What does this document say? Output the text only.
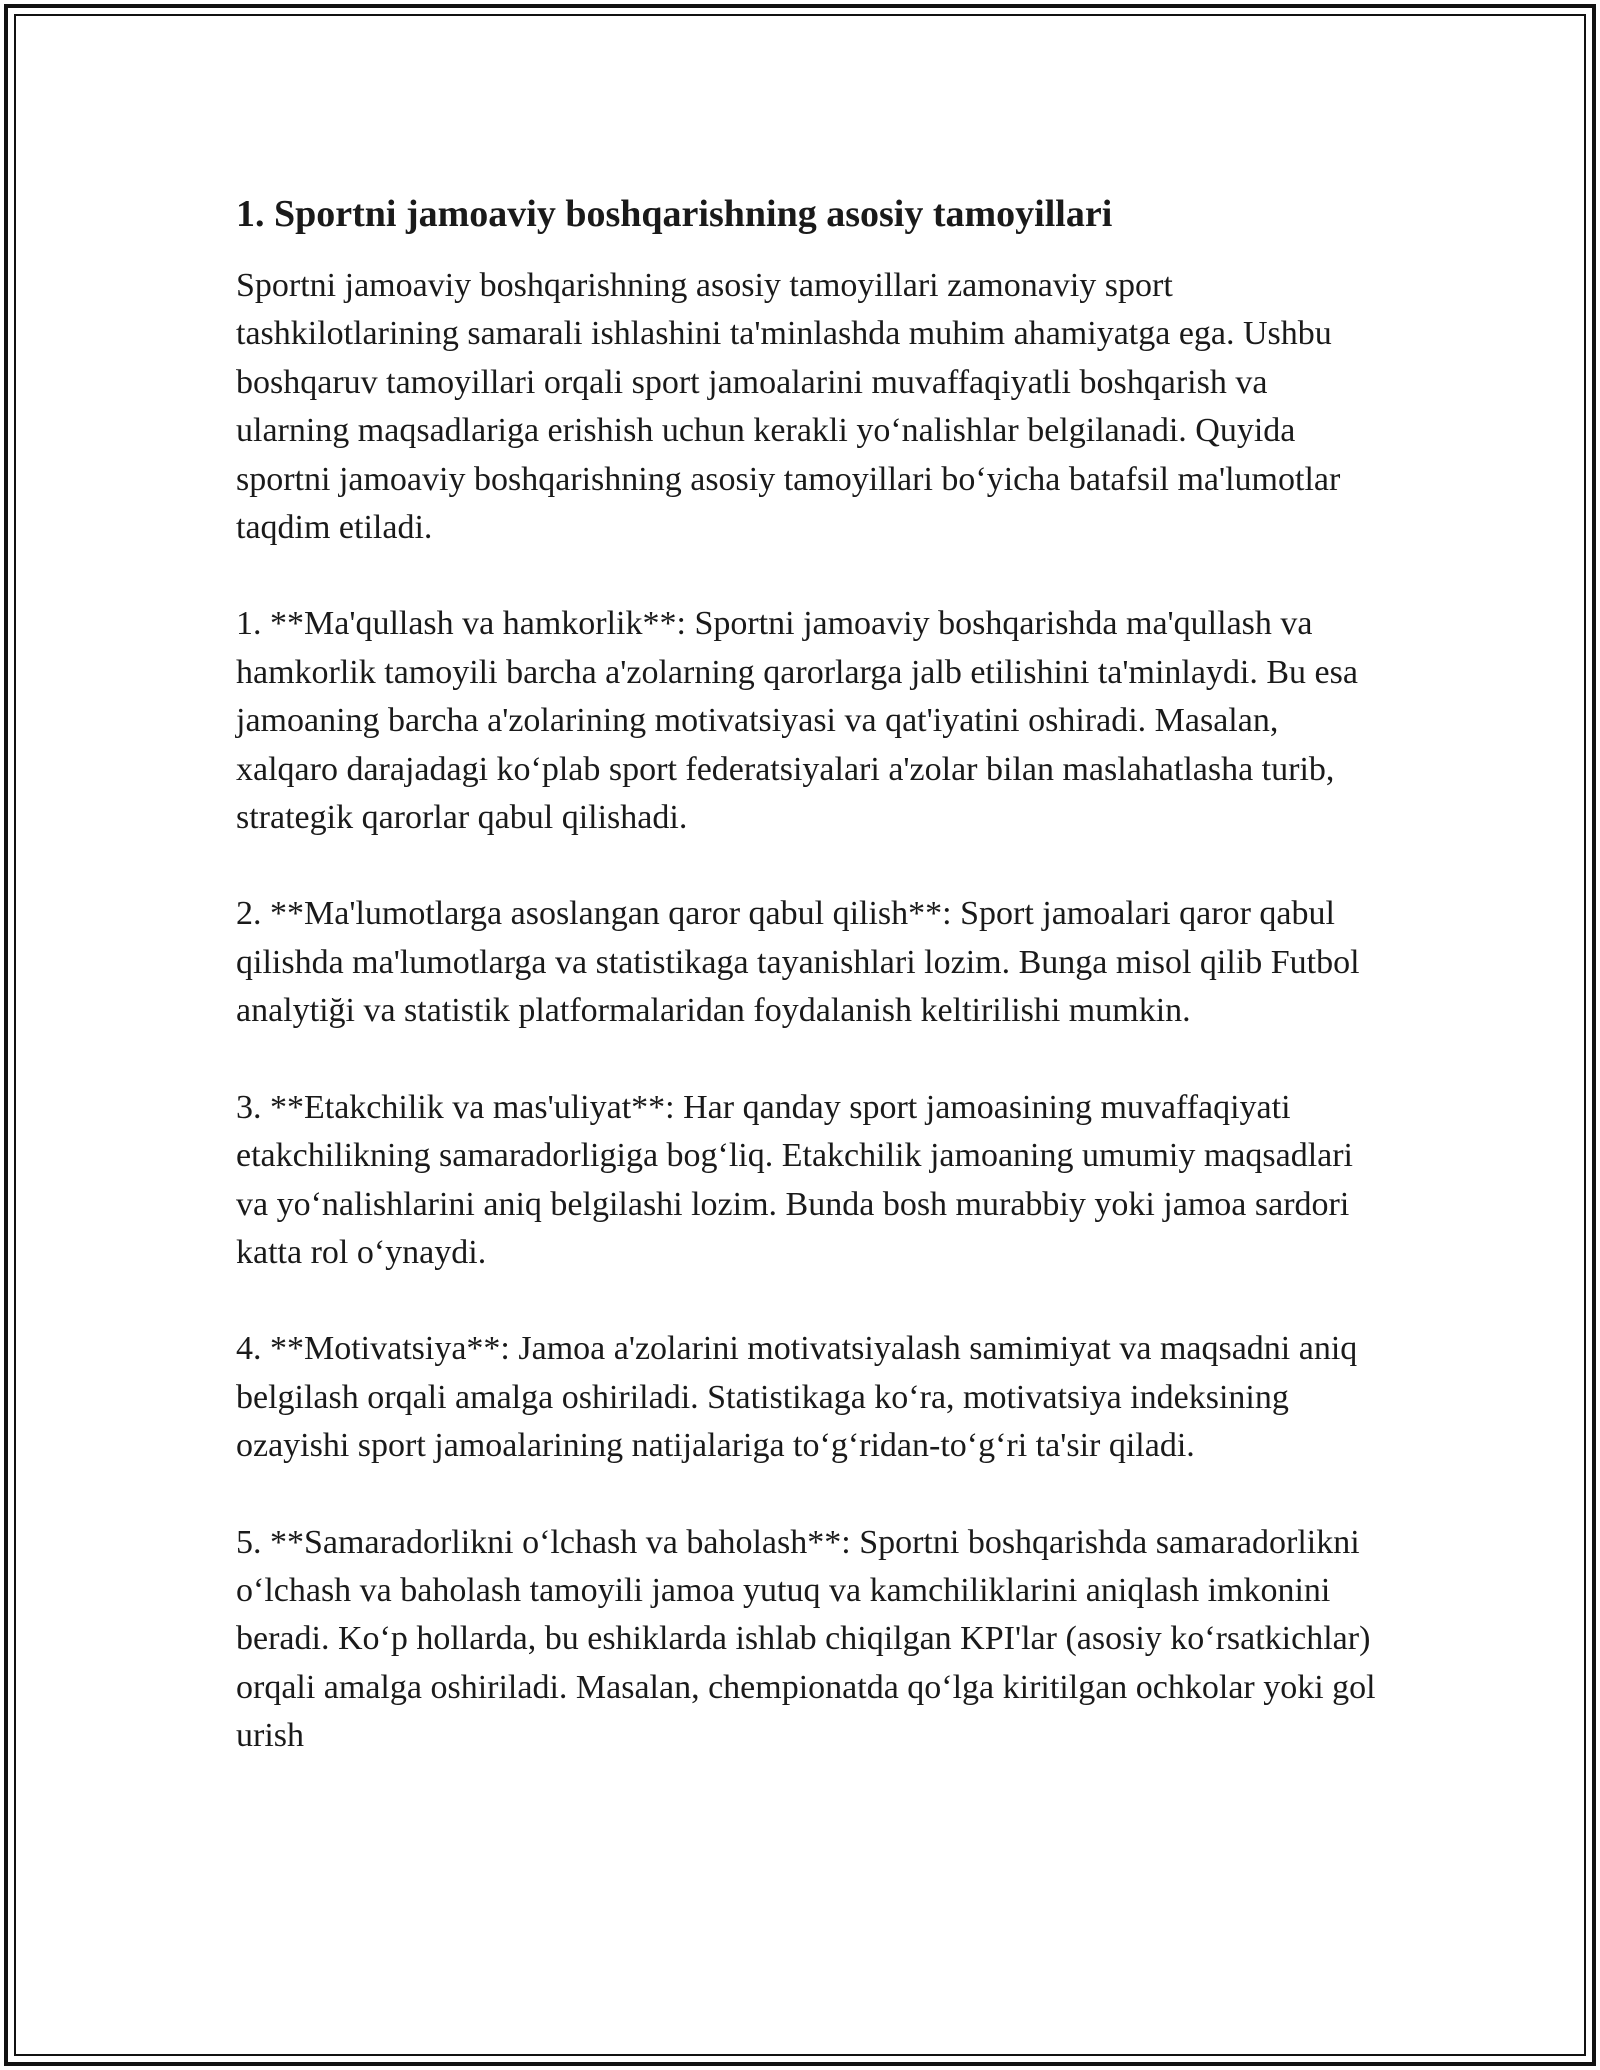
1. Sportni jamoaviy boshqarishning asosiy tamoyillari

Sportni jamoaviy boshqarishning asosiy tamoyillari zamonaviy sport tashkilotlarining samarali ishlashini ta'minlashda muhim ahamiyatga ega. Ushbu boshqaruv tamoyillari orqali sport jamoalarini muvaffaqiyatli boshqarish va ularning maqsadlariga erishish uchun kerakli yo‘nalishlar belgilanadi. Quyida sportni jamoaviy boshqarishning asosiy tamoyillari bo‘yicha batafsil ma'lumotlar taqdim etiladi.

1. **Ma'qullash va hamkorlik**: Sportni jamoaviy boshqarishda ma'qullash va hamkorlik tamoyili barcha a'zolarning qarorlarga jalb etilishini ta'minlaydi. Bu esa jamoaning barcha a'zolarining motivatsiyasi va qat'iyatini oshiradi. Masalan, xalqaro darajadagi ko‘plab sport federatsiyalari a'zolar bilan maslahatlasha turib, strategik qarorlar qabul qilishadi.

2. **Ma'lumotlarga asoslangan qaror qabul qilish**: Sport jamoalari qaror qabul qilishda ma'lumotlarga va statistikaga tayanishlari lozim. Bunga misol qilib Futbol analytiği va statistik platformalaridan foydalanish keltirilishi mumkin.

3. **Etakchilik va mas'uliyat**: Har qanday sport jamoasining muvaffaqiyati etakchilikning samaradorligiga bog‘liq. Etakchilik jamoaning umumiy maqsadlari va yo‘nalishlarini aniq belgilashi lozim. Bunda bosh murabbiy yoki jamoa sardori katta rol o‘ynaydi.

4. **Motivatsiya**: Jamoa a'zolarini motivatsiyalash samimiyat va maqsadni aniq belgilash orqali amalga oshiriladi. Statistikaga ko‘ra, motivatsiya indeksining ozayishi sport jamoalarining natijalariga to‘g‘ridan-to‘g‘ri ta'sir qiladi.

5. **Samaradorlikni o‘lchash va baholash**: Sportni boshqarishda samaradorlikni o‘lchash va baholash tamoyili jamoa yutuq va kamchiliklarini aniqlash imkonini beradi. Ko‘p hollarda, bu eshiklarda ishlab chiqilgan KPI'lar (asosiy ko‘rsatkichlar) orqali amalga oshiriladi. Masalan, chempionatda qo‘lga kiritilgan ochkolar yoki gol urish
